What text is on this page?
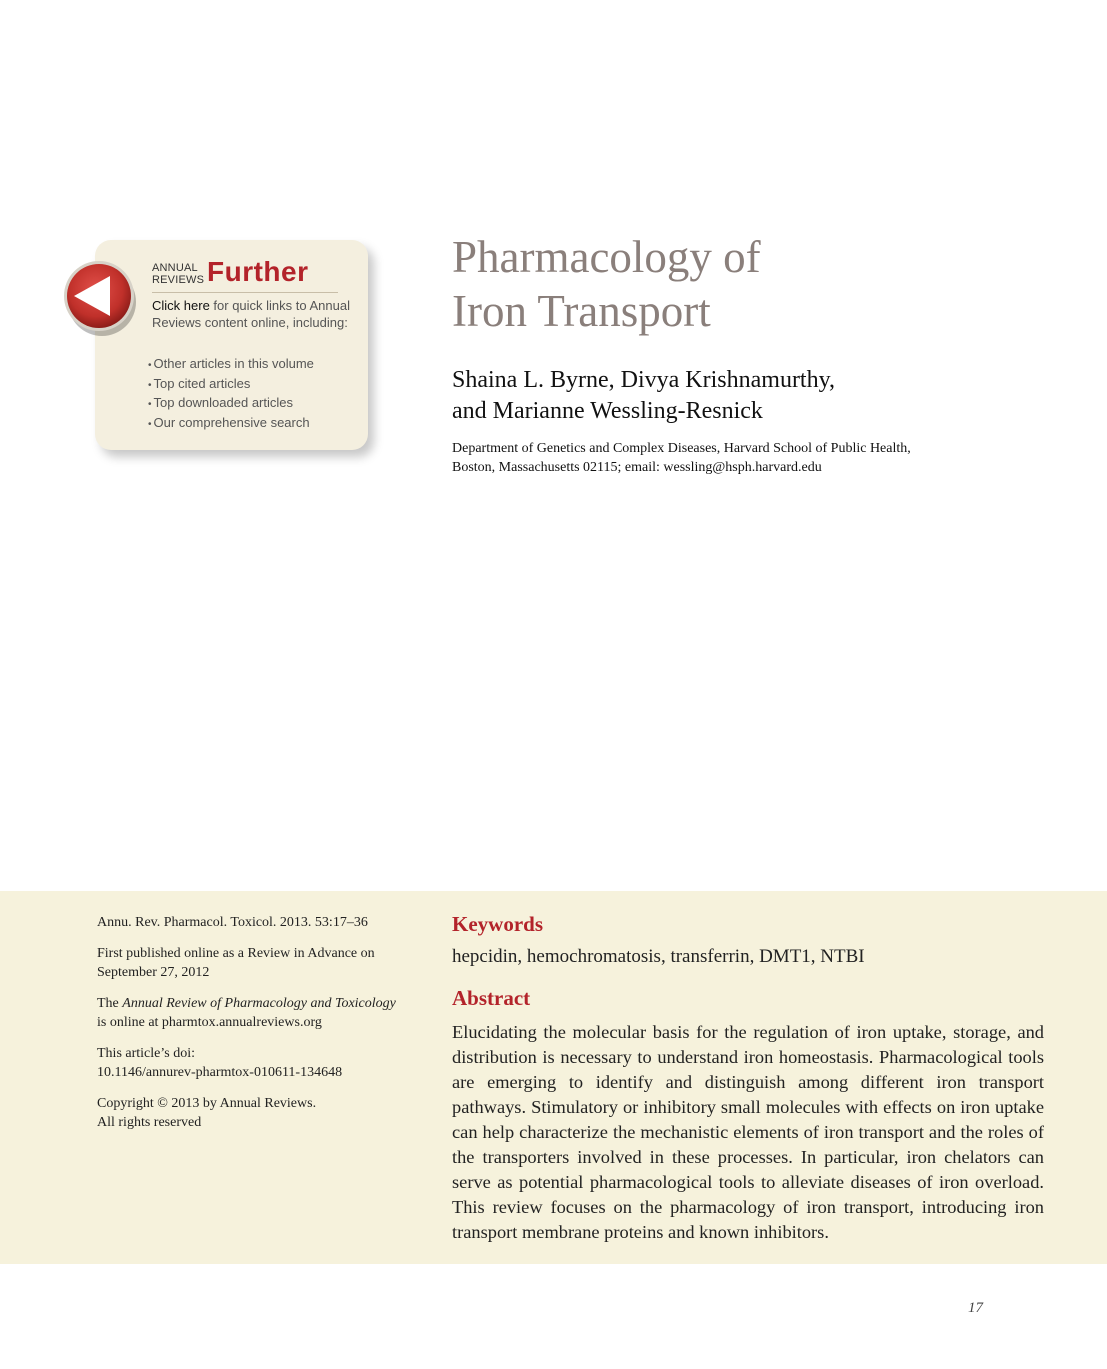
ANNUAL
REVIEWS Further
Click here for quick links to Annual Reviews content online, including:
• Other articles in this volume
• Top cited articles
• Top downloaded articles
• Our comprehensive search
Pharmacology of
Iron Transport

Shaina L. Byrne, Divya Krishnamurthy,
and Marianne Wessling-Resnick

Department of Genetics and Complex Diseases, Harvard School of Public Health,
Boston, Massachusetts 02115; email: wessling@hsph.harvard.edu
Annu. Rev. Pharmacol. Toxicol. 2013. 53:17–36
First published online as a Review in Advance on
September 27, 2012
The Annual Review of Pharmacology and Toxicology
is online at pharmtox.annualreviews.org
This article’s doi:
10.1146/annurev-pharmtox-010611-134648
Copyright © 2013 by Annual Reviews.
All rights reserved
Keywords
hepcidin, hemochromatosis, transferrin, DMT1, NTBI
Abstract

Elucidating the molecular basis for the regulation of iron uptake, storage, and distribution is necessary to understand iron homeostasis. Pharmacological tools are emerging to identify and distinguish among different iron transport pathways. Stimulatory or inhibitory small molecules with effects on iron uptake can help characterize the mechanistic elements of iron transport and the roles of the transporters involved in these processes. In particular, iron chelators can serve as potential pharmacological tools to alleviate diseases of iron overload. This review focuses on the pharmacology of iron transport, introducing iron transport membrane proteins and known inhibitors.

17
